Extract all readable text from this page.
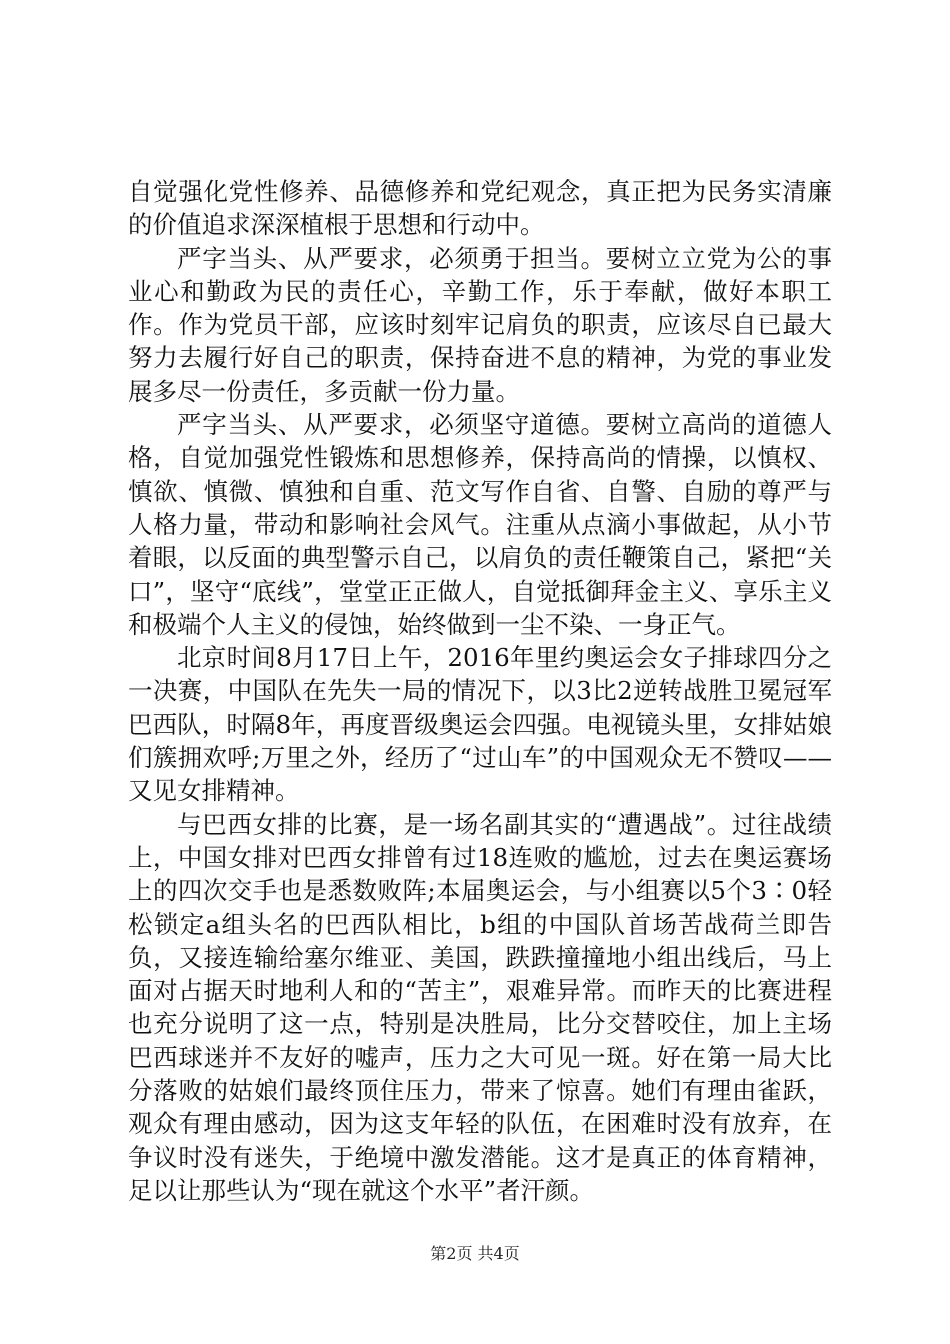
自觉强化党性修养、品德修养和党纪观念，真正把为民务实清廉的价值追求深深植根于思想和行动中。

严字当头、从严要求，必须勇于担当。要树立立党为公的事业心和勤政为民的责任心，辛勤工作，乐于奉献，做好本职工作。作为党员干部，应该时刻牢记肩负的职责，应该尽自已最大努力去履行好自己的职责，保持奋进不息的精神，为党的事业发展多尽一份责任，多贡献一份力量。

严字当头、从严要求，必须坚守道德。要树立高尚的道德人格，自觉加强党性锻炼和思想修养，保持高尚的情操，以慎权、慎欲、慎微、慎独和自重、范文写作自省、自警、自励的尊严与人格力量，带动和影响社会风气。注重从点滴小事做起，从小节着眼，以反面的典型警示自己，以肩负的责任鞭策自己，紧把“关口”，坚守“底线”，堂堂正正做人，自觉抵御拜金主义、享乐主义和极端个人主义的侵蚀，始终做到一尘不染、一身正气。

北京时间8月17日上午，2016年里约奥运会女子排球四分之一决赛，中国队在先失一局的情况下，以3比2逆转战胜卫冕冠军巴西队，时隔8年，再度晋级奥运会四强。电视镜头里，女排姑娘们簇拥欢呼;万里之外，经历了“过山车”的中国观众无不赞叹——又见女排精神。

与巴西女排的比赛，是一场名副其实的“遭遇战”。过往战绩上，中国女排对巴西女排曾有过18连败的尴尬，过去在奥运赛场上的四次交手也是悉数败阵;本届奥运会，与小组赛以5个3∶0轻松锁定a组头名的巴西队相比，b组的中国队首场苦战荷兰即告负，又接连输给塞尔维亚、美国，跌跌撞撞地小组出线后，马上面对占据天时地利人和的“苦主”，艰难异常。而昨天的比赛进程也充分说明了这一点，特别是决胜局，比分交替咬住，加上主场巴西球迷并不友好的嘘声，压力之大可见一斑。好在第一局大比分落败的姑娘们最终顶住压力，带来了惊喜。她们有理由雀跃，观众有理由感动，因为这支年轻的队伍，在困难时没有放弃，在争议时没有迷失，于绝境中激发潜能。这才是真正的体育精神，足以让那些认为“现在就这个水平”者汗颜。

第2页 共4页
